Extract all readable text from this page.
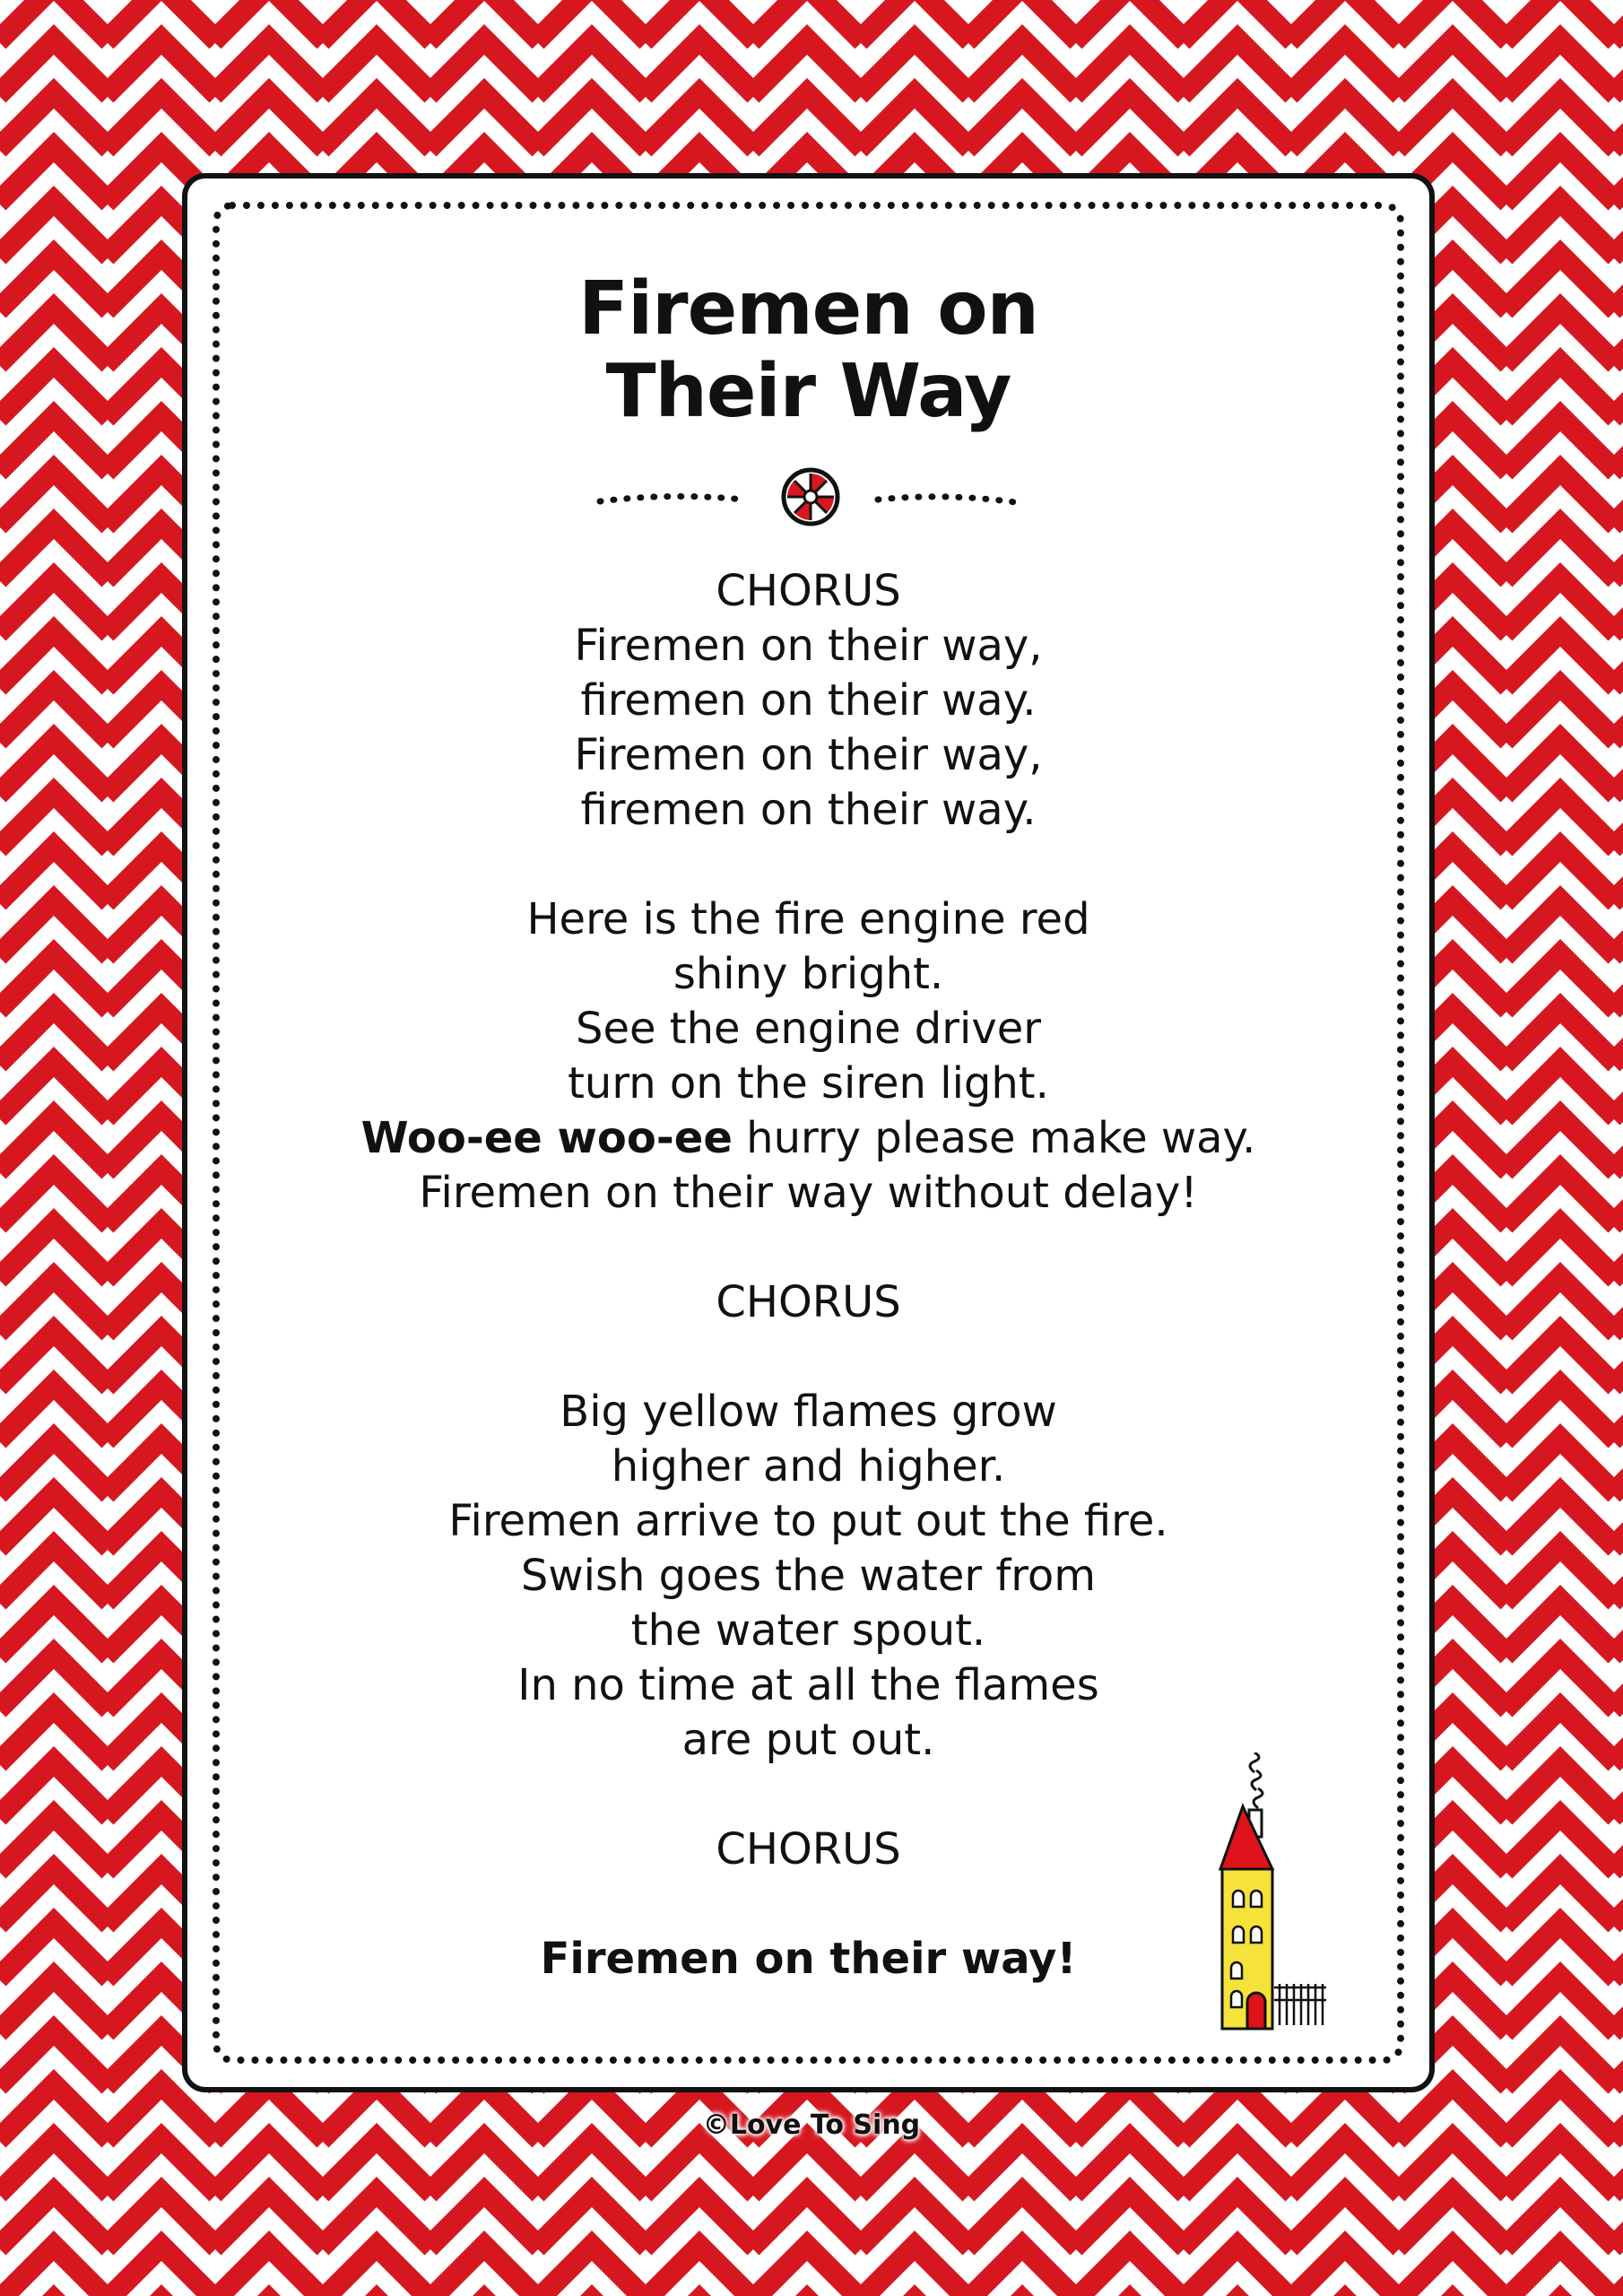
Firemen on
Their Way
CHORUS
Firemen on their way,
firemen on their way.
Firemen on their way,
firemen on their way.
Here is the fire engine red
shiny bright.
See the engine driver
turn on the siren light.
Woo-ee woo-ee hurry please make way.
Firemen on their way without delay!
CHORUS
Big yellow flames grow
higher and higher.
Firemen arrive to put out the fire.
Swish goes the water from
the water spout.
In no time at all the flames
are put out.
CHORUS
Firemen on their way!
©Love To Sing
